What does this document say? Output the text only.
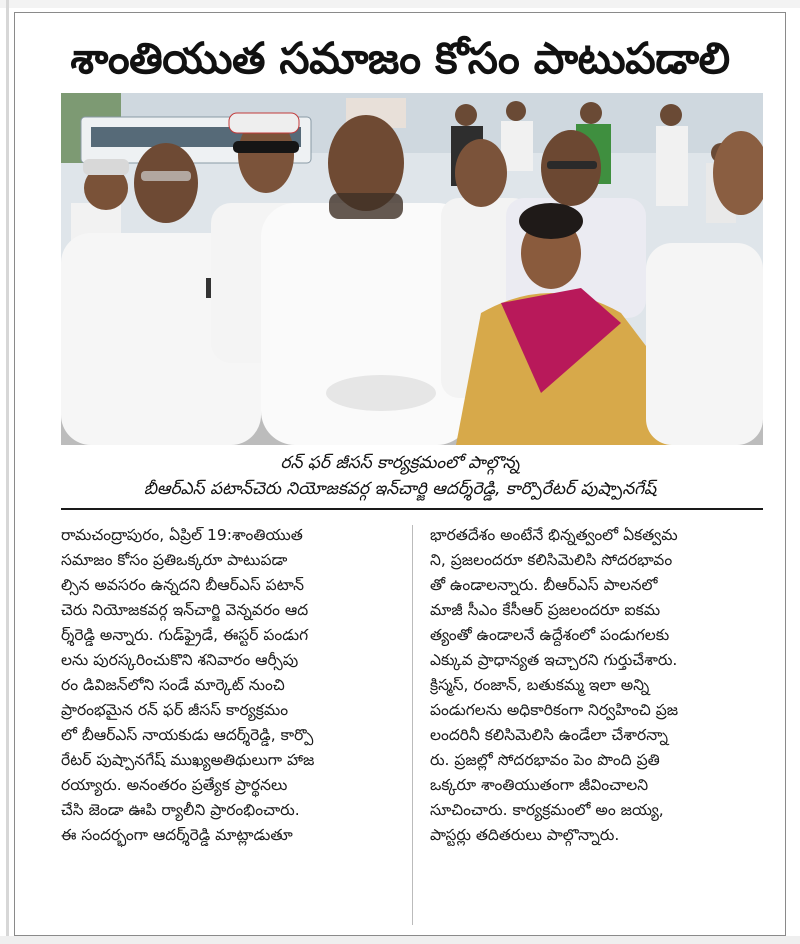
శాంతియుత సమాజం కోసం పాటుపడాలి
రన్ ఫర్ జీసస్ కార్యక్రమంలో పాల్గొన్న
బీఆర్ఎస్ పటాన్‌చెరు నియోజకవర్గ ఇన్‌చార్జి ఆదర్శ్‌రెడ్డి, కార్పొరేటర్ పుష్పానగేష్
రామచంద్రాపురం, ఏప్రిల్ 19:శాంతియుత
సమాజం కోసం ప్రతిఒక్కరూ పాటుపడా
ల్సిన అవసరం ఉన్నదని బీఆర్ఎస్ పటాన్
చెరు నియోజకవర్గ ఇన్‌చార్జి వెన్నవరం ఆద
ర్శ్‌రెడ్డి అన్నారు. గుడ్‌ఫ్రైడే, ఈస్టర్ పండుగ
లను పురస్కరించుకొని శనివారం ఆర్సీపు
రం డివిజన్‌లోని సండే మార్కెట్ నుంచి
ప్రారంభమైన రన్ ఫర్ జీసస్ కార్యక్రమం
లో బీఆర్ఎస్ నాయకుడు ఆదర్శ్‌రెడ్డి, కార్పొ
రేటర్ పుష్పానగేష్ ముఖ్యఅతిథులుగా హాజ
రయ్యారు. అనంతరం ప్రత్యేక ప్రార్థనలు
చేసి జెండా ఊపి ర్యాలీని ప్రారంభించారు.
ఈ సందర్భంగా ఆదర్శ్‌రెడ్డి మాట్లాడుతూ
భారతదేశం అంటేనే భిన్నత్వంలో ఏకత్వమ
ని, ప్రజలందరూ కలిసిమెలిసి సోదరభావం
తో ఉండాలన్నారు. బీఆర్ఎస్ పాలనలో
మాజీ సీఎం కేసీఆర్ ప్రజలందరూ ఐకమ
త్యంతో ఉండాలనే ఉద్దేశంలో పండుగలకు
ఎక్కువ ప్రాధాన్యత ఇచ్చారని గుర్తుచేశారు.
క్రిస్మస్, రంజాన్, బతుకమ్మ ఇలా అన్ని
పండుగలను అధికారికంగా నిర్వహించి ప్రజ
లందరినీ కలిసిమెలిసి ఉండేలా చేశారన్నా
రు. ప్రజల్లో సోదరభావం పెం పొంది ప్రతి
ఒక్కరూ శాంతియుతంగా జీవించాలని
సూచించారు. కార్యక్రమంలో అం జయ్య,
పాస్టర్లు తదితరులు పాల్గొన్నారు.
